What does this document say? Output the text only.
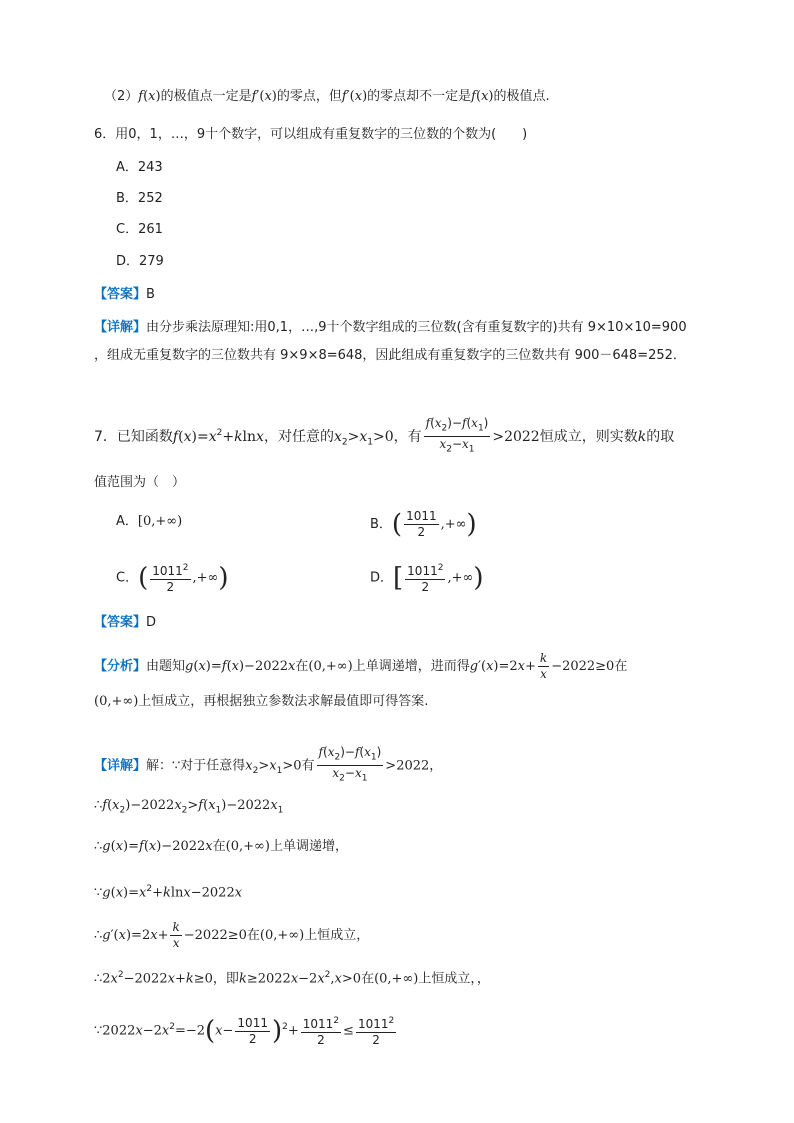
（2）f(x)的极值点一定是f′(x)的零点，但f′(x)的零点却不一定是f(x)的极值点.
6．用0，1，…，9十个数字，可以组成有重复数字的三位数的个数为(　　)
A．243
B．252
C．261
D．279
【答案】B
【详解】由分步乘法原理知:用0,1，…,9十个数字组成的三位数(含有重复数字的)共有 9×10×10=900
，组成无重复数字的三位数共有 9×9×8=648，因此组成有重复数字的三位数共有 900－648=252．
7．已知函数$f(x)=x^2+klnx$，对任意的$x_2>x_1>0$，有 $\frac{f(x_2)-f(x_1)}{x_2-x_1} >2022$恒成立，则实数k的取
值范围为（　）
A．[0,+∞)	B．( $\frac{1011}{2}$ ,+∞)
C．( $\frac{1011^2}{2}$ ,+∞)	D．[ $\frac{1011^2}{2}$ ,+∞)
【答案】D
【分析】由题知g(x)=f(x)−2022x在(0,+∞)上单调递增，进而得$g'(x)=2x+ \frac{k}{x} -2022\ge 0$在
(0,+∞)上恒成立，再根据独立参数法求解最值即可得答案.
【详解】解：∵对于任意得$x_2>x_1>0$有 $\frac{f(x_2)-f(x_1)}{x_2-x_1} >2022$，
$\therefore f(x_2)-2022x_2>f(x_1)-2022x_1$
∴g(x)=f(x)−2022x在(0,+∞)上单调递增，
$\because g(x)=x^2+klnx-2022x$
∴g′(x)=2x+ $\frac{k}{x} -2022\ge 0$在(0,+∞)上恒成立，
$\therefore 2x^2-2022x+k\ge 0$，即$k\ge 2022x-2x^2,x>0$在(0,+∞)上恒成立，，
$\because 2022x-2x^2=-2(x- \frac{1011}{2} )^2+ \frac{1011^2}{2} \le \frac{1011^2}{2}$
